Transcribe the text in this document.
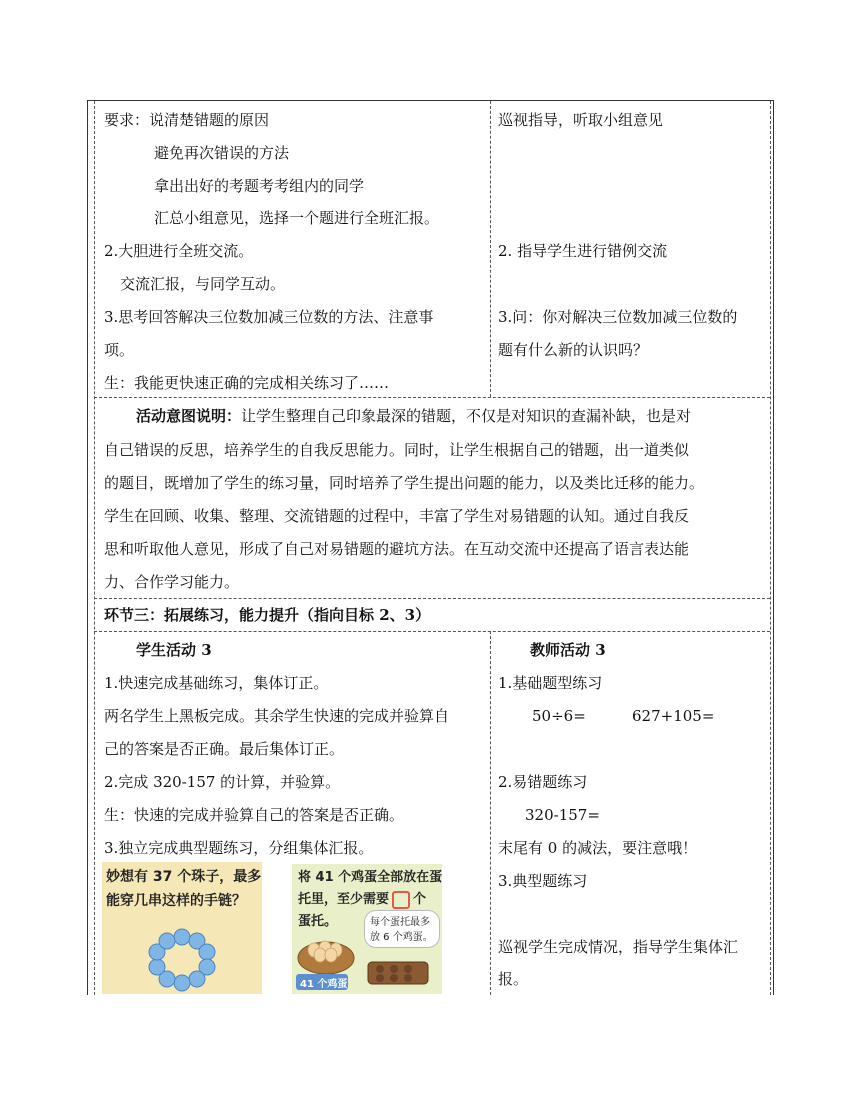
要求：说清楚错题的原因
避免再次错误的方法
拿出出好的考题考考组内的同学
汇总小组意见，选择一个题进行全班汇报。
2.大胆进行全班交流。
交流汇报，与同学互动。
3.思考回答解决三位数加减三位数的方法、注意事
项。
生：我能更快速正确的完成相关练习了……
巡视指导，听取小组意见
2. 指导学生进行错例交流
3.问：你对解决三位数加减三位数的
题有什么新的认识吗？
活动意图说明：让学生整理自己印象最深的错题，不仅是对知识的查漏补缺，也是对
自己错误的反思，培养学生的自我反思能力。同时，让学生根据自己的错题，出一道类似
的题目，既增加了学生的练习量，同时培养了学生提出问题的能力，以及类比迁移的能力。
学生在回顾、收集、整理、交流错题的过程中，丰富了学生对易错题的认知。通过自我反
思和听取他人意见，形成了自己对易错题的避坑方法。在互动交流中还提高了语言表达能
力、合作学习能力。
环节三：拓展练习，能力提升（指向目标 2、3）
学生活动 3
1.快速完成基础练习，集体订正。
两名学生上黑板完成。其余学生快速的完成并验算自
己的答案是否正确。最后集体订正。
2.完成 320-157 的计算，并验算。
生：快速的完成并验算自己的答案是否正确。
3.独立完成典型题练习，分组集体汇报。
教师活动 3
1.基础题型练习
50÷6=	627+105=
2.易错题练习
320-157=
末尾有 0 的减法，要注意哦！
3.典型题练习
巡视学生完成情况，指导学生集体汇
报。
妙想有 37 个珠子，最多
能穿几串这样的手链？
将 41 个鸡蛋全部放在蛋
托里，至少需要 个
蛋托。	每个蛋托最多
放 6 个鸡蛋。
41 个鸡蛋
